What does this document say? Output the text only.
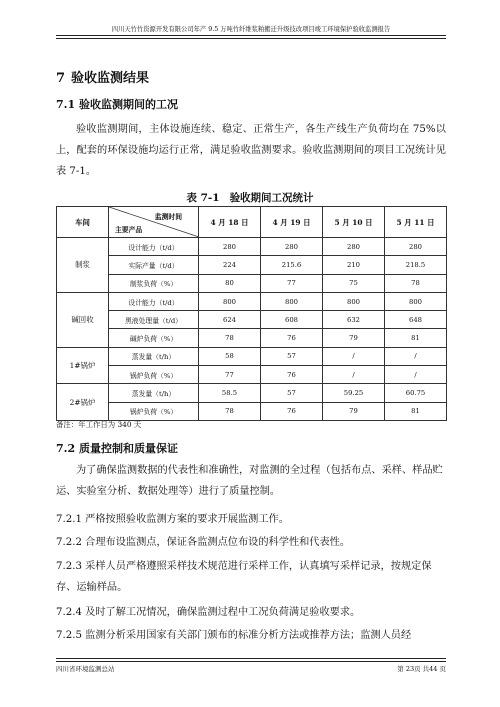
四川天竹竹资源开发有限公司年产 9.5 万吨竹纤维浆粕搬迁升级技改项目竣工环境保护验收监测报告
7 验收监测结果
7.1 验收监测期间的工况
验收监测期间，主体设施连续、稳定、正常生产，各生产线生产负荷均在 75%以上，配套的环保设施均运行正常，满足验收监测要求。验收监测期间的项目工况统计见表 7-1。
表 7-1 验收期间工况统计
车间	监测时间
主要产品	4 月 18 日	4 月 19 日	5 月 10 日	5 月 11 日
制浆	设计能力（t/d）	280	280	280	280
	实际产量（t/d）	224	215.6	210	218.5
	制浆负荷（%）	80	77	75	78
碱回收	设计能力（t/d）	800	800	800	800
	黑液处理量（t/d）	624	608	632	648
	碱炉负荷（%）	78	76	79	81
1#锅炉	蒸发量（t/h）	58	57	/	/
	锅炉负荷（%）	77	76	/	/
2#锅炉	蒸发量（t/h）	58.5	57	59.25	60.75
	锅炉负荷（%）	78	76	79	81
备注：年工作日为 340 天
7.2 质量控制和质量保证
为了确保监测数据的代表性和准确性，对监测的全过程（包括布点、采样、样品贮运、实验室分析、数据处理等）进行了质量控制。
7.2.1 严格按照验收监测方案的要求开展监测工作。
7.2.2 合理布设监测点，保证各监测点位布设的科学性和代表性。
7.2.3 采样人员严格遵照采样技术规范进行采样工作，认真填写采样记录，按规定保存、运输样品。
7.2.4 及时了解工况情况，确保监测过程中工况负荷满足验收要求。
7.2.5 监测分析采用国家有关部门颁布的标准分析方法或推荐方法；监测人员经
四川省环境监测总站	第 23页 共44 页
